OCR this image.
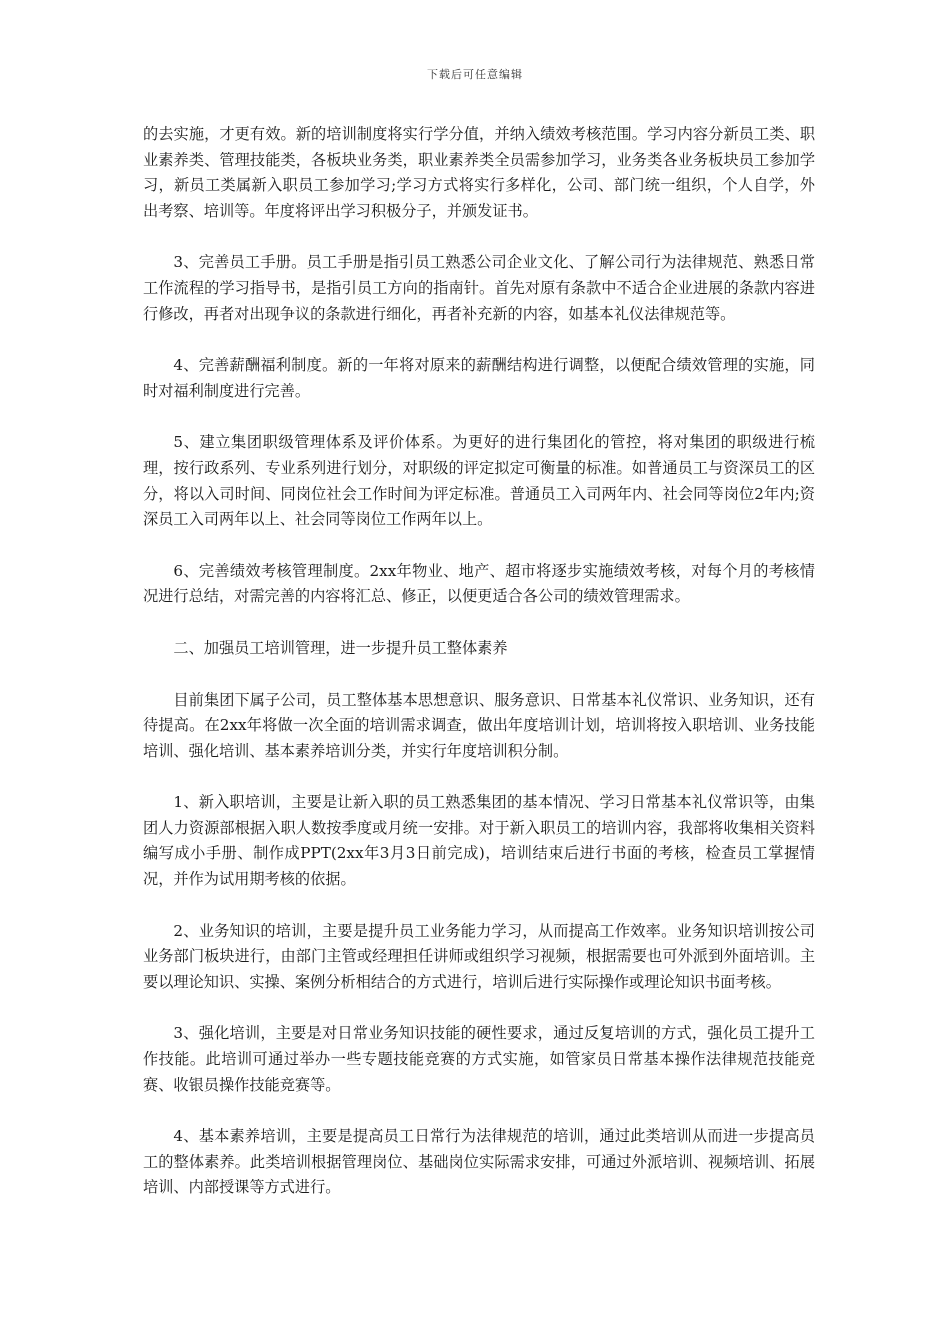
下载后可任意编辑

的去实施，才更有效。新的培训制度将实行学分值，并纳入绩效考核范围。学习内容分新员工类、职业素养类、管理技能类，各板块业务类，职业素养类全员需参加学习，业务类各业务板块员工参加学习，新员工类属新入职员工参加学习;学习方式将实行多样化，公司、部门统一组织，个人自学，外出考察、培训等。年度将评出学习积极分子，并颁发证书。

3、完善员工手册。员工手册是指引员工熟悉公司企业文化、了解公司行为法律规范、熟悉日常工作流程的学习指导书，是指引员工方向的指南针。首先对原有条款中不适合企业进展的条款内容进行修改，再者对出现争议的条款进行细化，再者补充新的内容，如基本礼仪法律规范等。

4、完善薪酬福利制度。新的一年将对原来的薪酬结构进行调整，以便配合绩效管理的实施，同时对福利制度进行完善。

5、建立集团职级管理体系及评价体系。为更好的进行集团化的管控，将对集团的职级进行梳理，按行政系列、专业系列进行划分，对职级的评定拟定可衡量的标准。如普通员工与资深员工的区分，将以入司时间、同岗位社会工作时间为评定标准。普通员工入司两年内、社会同等岗位2年内;资深员工入司两年以上、社会同等岗位工作两年以上。

6、完善绩效考核管理制度。2xx年物业、地产、超市将逐步实施绩效考核，对每个月的考核情况进行总结，对需完善的内容将汇总、修正，以便更适合各公司的绩效管理需求。

二、加强员工培训管理，进一步提升员工整体素养

目前集团下属子公司，员工整体基本思想意识、服务意识、日常基本礼仪常识、业务知识，还有待提高。在2xx年将做一次全面的培训需求调查，做出年度培训计划，培训将按入职培训、业务技能培训、强化培训、基本素养培训分类，并实行年度培训积分制。

1、新入职培训，主要是让新入职的员工熟悉集团的基本情况、学习日常基本礼仪常识等，由集团人力资源部根据入职人数按季度或月统一安排。对于新入职员工的培训内容，我部将收集相关资料编写成小手册、制作成PPT(2xx年3月3日前完成)，培训结束后进行书面的考核，检查员工掌握情况，并作为试用期考核的依据。

2、业务知识的培训，主要是提升员工业务能力学习，从而提高工作效率。业务知识培训按公司业务部门板块进行，由部门主管或经理担任讲师或组织学习视频，根据需要也可外派到外面培训。主要以理论知识、实操、案例分析相结合的方式进行，培训后进行实际操作或理论知识书面考核。

3、强化培训，主要是对日常业务知识技能的硬性要求，通过反复培训的方式，强化员工提升工作技能。此培训可通过举办一些专题技能竞赛的方式实施，如管家员日常基本操作法律规范技能竞赛、收银员操作技能竞赛等。

4、基本素养培训，主要是提高员工日常行为法律规范的培训，通过此类培训从而进一步提高员工的整体素养。此类培训根据管理岗位、基础岗位实际需求安排，可通过外派培训、视频培训、拓展培训、内部授课等方式进行。
